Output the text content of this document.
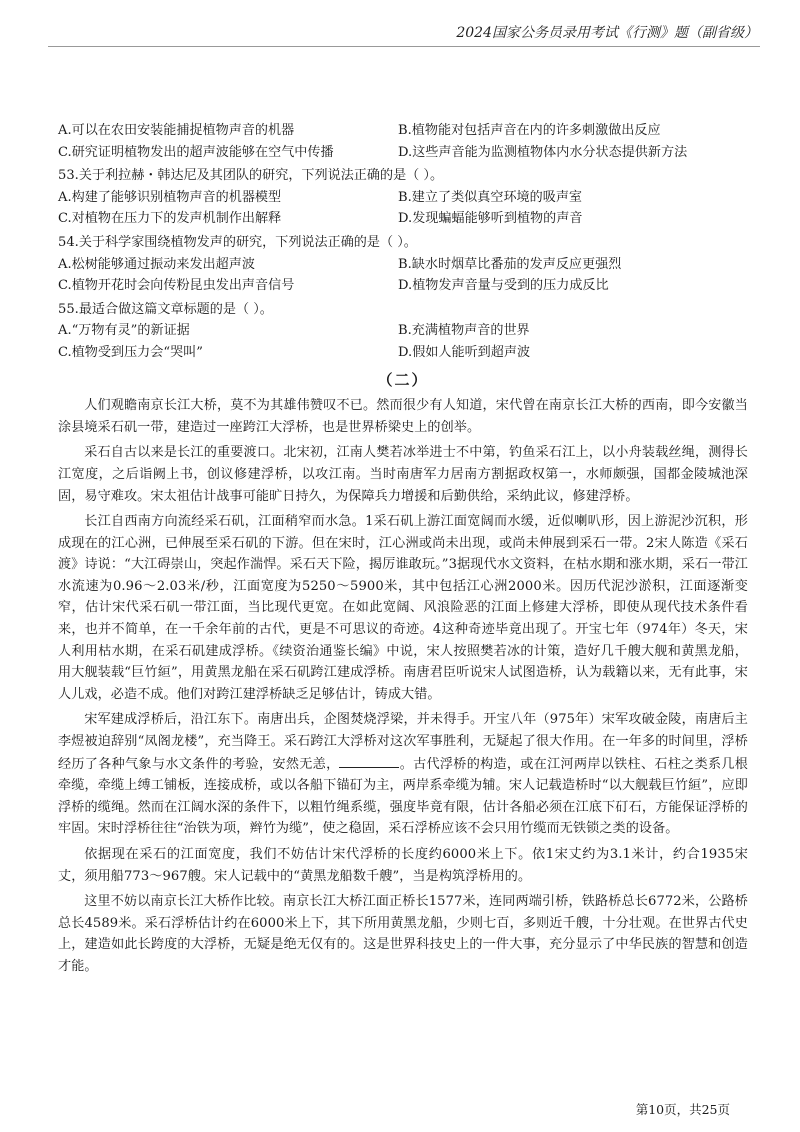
2024国家公务员录用考试《行测》题（副省级）
A.可以在农田安装能捕捉植物声音的机器	B.植物能对包括声音在内的许多刺激做出反应
C.研究证明植物发出的超声波能够在空气中传播	D.这些声音能为监测植物体内水分状态提供新方法
53.关于利拉赫・韩达尼及其团队的研究，下列说法正确的是（ ）。
A.构建了能够识别植物声音的机器模型	B.建立了类似真空环境的吸声室
C.对植物在压力下的发声机制作出解释	D.发现蝙蝠能够听到植物的声音
54.关于科学家围绕植物发声的研究，下列说法正确的是（ ）。
A.松树能够通过振动来发出超声波	B.缺水时烟草比番茄的发声反应更强烈
C.植物开花时会向传粉昆虫发出声音信号	D.植物发声音量与受到的压力成反比
55.最适合做这篇文章标题的是（ ）。
A.“万物有灵”的新证据	B.充满植物声音的世界
C.植物受到压力会“哭叫”	D.假如人能听到超声波
（二）

人们观瞻南京长江大桥，莫不为其雄伟赞叹不已。然而很少有人知道，宋代曾在南京长江大桥的西南，即今安徽当涂县境采石矶一带，建造过一座跨江大浮桥，也是世界桥梁史上的创举。

采石自古以来是长江的重要渡口。北宋初，江南人樊若冰举进士不中第，钓鱼采石江上，以小舟装载丝绳，测得长江宽度，之后诣阙上书，创议修建浮桥，以攻江南。当时南唐军力居南方割据政权第一，水师颇强，国都金陵城池深固，易守难攻。宋太祖估计战事可能旷日持久，为保障兵力增援和后勤供给，采纳此议，修建浮桥。

长江自西南方向流经采石矶，江面稍窄而水急。1采石矶上游江面宽阔而水缓，近似喇叭形，因上游泥沙沉积，形成现在的江心洲，已伸展至采石矶的下游。但在宋时，江心洲或尚未出现，或尚未伸展到采石一带。2宋人陈造《采石渡》诗说：“大江碍崇山，突起作湍悍。采石天下险，揭厉谁敢玩。”3据现代水文资料，在枯水期和涨水期，采石一带江水流速为0.96～2.03米/秒，江面宽度为5250～5900米，其中包括江心洲2000米。因历代泥沙淤积，江面逐渐变窄，估计宋代采石矶一带江面，当比现代更宽。在如此宽阔、风浪险恶的江面上修建大浮桥，即使从现代技术条件看来，也并不简单，在一千余年前的古代，更是不可思议的奇迹。4这种奇迹毕竟出现了。开宝七年（974年）冬天，宋人利用枯水期，在采石矶建成浮桥。《续资治通鉴长编》中说，宋人按照樊若冰的计策，造好几千艘大舰和黄黑龙船，用大舰装载“巨竹絙”，用黄黑龙船在采石矶跨江建成浮桥。南唐君臣听说宋人试图造桥，认为载籍以来，无有此事，宋人儿戏，必造不成。他们对跨江建浮桥缺乏足够估计，铸成大错。

宋军建成浮桥后，沿江东下。南唐出兵，企图焚烧浮梁，并未得手。开宝八年（975年）宋军攻破金陵，南唐后主李煜被迫辞别“凤阁龙楼”，充当降王。采石跨江大浮桥对这次军事胜利，无疑起了很大作用。在一年多的时间里，浮桥经历了各种气象与水文条件的考验，安然无恙，	。古代浮桥的构造，或在江河两岸以铁柱、石柱之类系几根牵缆，牵缆上缚工铺板，连接成桥，或以各船下锚矴为主，两岸系牵缆为辅。宋人记载造桥时“以大舰载巨竹絙”，应即浮桥的缆绳。然而在江阔水深的条件下，以粗竹绳系缆，强度毕竟有限，估计各船必须在江底下矴石，方能保证浮桥的牢固。宋时浮桥往往“治铁为项，辫竹为缆”，使之稳固，采石浮桥应该不会只用竹缆而无铁锁之类的设备。

依据现在采石的江面宽度，我们不妨估计宋代浮桥的长度约6000米上下。依1宋丈约为3.1米计，约合1935宋丈，须用船773～967艘。宋人记载中的“黄黑龙船数千艘”，当是构筑浮桥用的。

这里不妨以南京长江大桥作比较。南京长江大桥江面正桥长1577米，连同两端引桥，铁路桥总长6772米，公路桥总长4589米。采石浮桥估计约在6000米上下，其下所用黄黑龙船，少则七百，多则近千艘，十分壮观。在世界古代史上，建造如此长跨度的大浮桥，无疑是绝无仅有的。这是世界科技史上的一件大事，充分显示了中华民族的智慧和创造才能。

第10页，共25页
